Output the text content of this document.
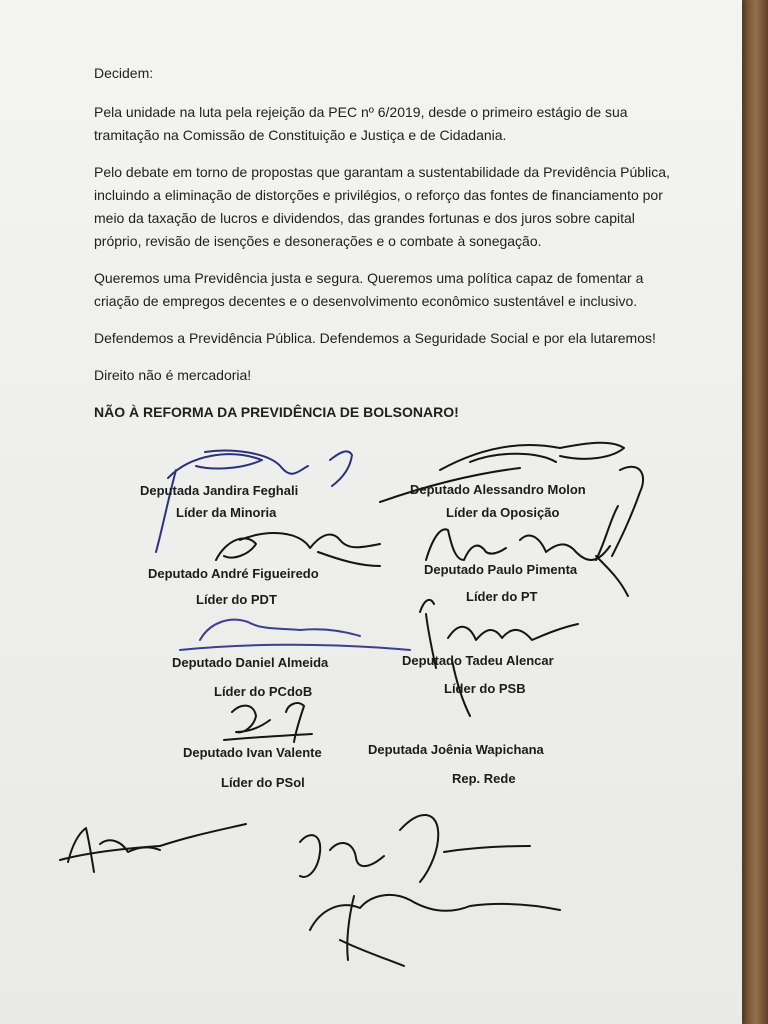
Decidem:

Pela unidade na luta pela rejeição da PEC nº 6/2019, desde o primeiro estágio de sua tramitação na Comissão de Constituição e Justiça e de Cidadania.

Pelo debate em torno de propostas que garantam a sustentabilidade da Previdência Pública, incluindo a eliminação de distorções e privilégios, o reforço das fontes de financiamento por meio da taxação de lucros e dividendos, das grandes fortunas e dos juros sobre capital próprio, revisão de isenções e desonerações e o combate à sonegação.

Queremos uma Previdência justa e segura. Queremos uma política capaz de fomentar a criação de empregos decentes e o desenvolvimento econômico sustentável e inclusivo.

Defendemos a Previdência Pública. Defendemos a Seguridade Social e por ela lutaremos!

Direito não é mercadoria!

NÃO À REFORMA DA PREVIDÊNCIA DE BOLSONARO!

Deputada Jandira Feghali
Líder da Minoria
Deputado Alessandro Molon
Líder da Oposição
Deputado André Figueiredo
Líder do PDT
Deputado Paulo Pimenta
Líder do PT
Deputado Daniel Almeida
Líder do PCdoB
Deputado Tadeu Alencar
Líder do PSB
Deputado Ivan Valente
Líder do PSol
Deputada Joênia Wapichana
Rep. Rede
